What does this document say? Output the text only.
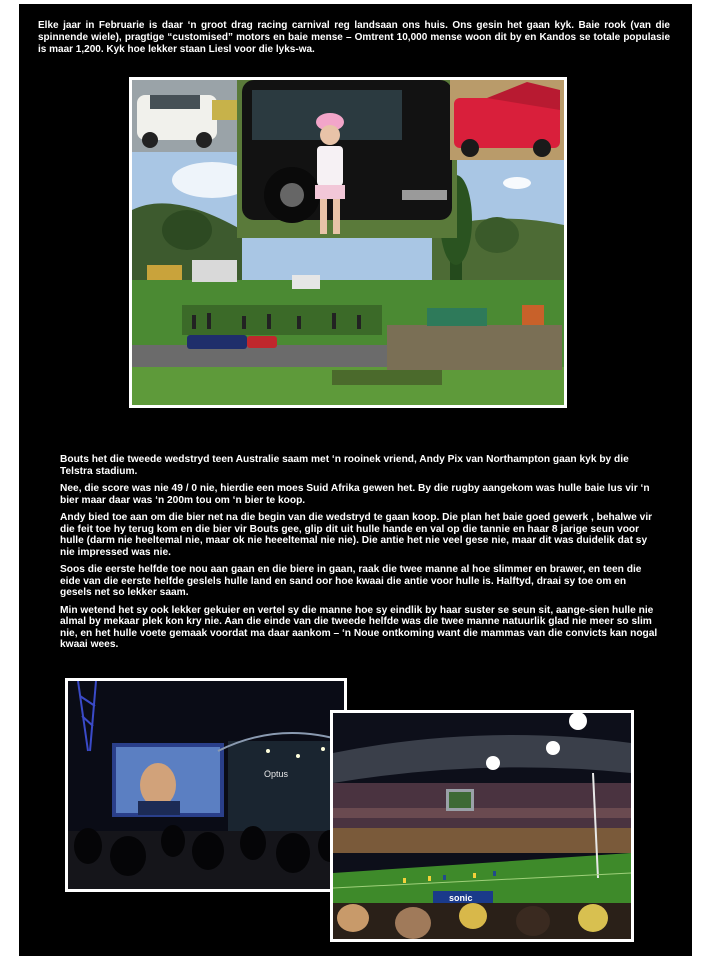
Elke jaar in Februarie is daar ‘n groot drag racing carnival reg landsaan ons huis. Ons gesin het gaan kyk. Baie rook (van die spinnende wiele), pragtige “customised” motors en baie mense – Omtrent 10,000 mense woon dit by en Kandos se totale populasie is maar 1,200. Kyk hoe lekker staan Liesl voor die lyks-wa.

Bouts het die tweede wedstryd teen Australie saam met ‘n rooinek vriend, Andy Pix van Northampton gaan kyk by die Telstra stadium.

Nee, die score was nie 49 / 0 nie, hierdie een moes Suid Afrika gewen het. By die rugby aangekom was hulle baie lus vir ‘n bier maar daar was ‘n 200m tou om ‘n bier te koop.

Andy bied toe aan om die bier net na die begin van die wedstryd te gaan koop. Die plan het baie goed gewerk , behalwe vir die feit toe hy terug kom en die bier vir Bouts gee, glip dit uit hulle hande en val op die tannie en haar 8 jarige seun voor hulle (darm nie heeltemal nie, maar ok nie heeeltemal nie nie). Die antie het nie veel gese nie, maar dit was duidelik dat sy nie impressed was nie.

Soos die eerste helfde toe nou aan gaan en die biere in gaan, raak die twee manne al hoe slimmer en brawer, en teen die eide van die eerste helfde geslels hulle land en sand oor hoe kwaai die antie voor hulle is. Halftyd, draai sy toe om en gesels net so lekker saam.

Min wetend het sy ook lekker gekuier en vertel sy die manne hoe sy eindlik by haar suster se seun sit, aange-sien hulle nie almal by mekaar plek kon kry nie. Aan die einde van die tweede helfde was die twee manne natuurlik glad nie meer so slim nie, en het hulle voete gemaak voordat ma daar aankom – ‘n Noue ontkoming want die mammas van die convicts kan nogal kwaai wees.

Optus
sonic
